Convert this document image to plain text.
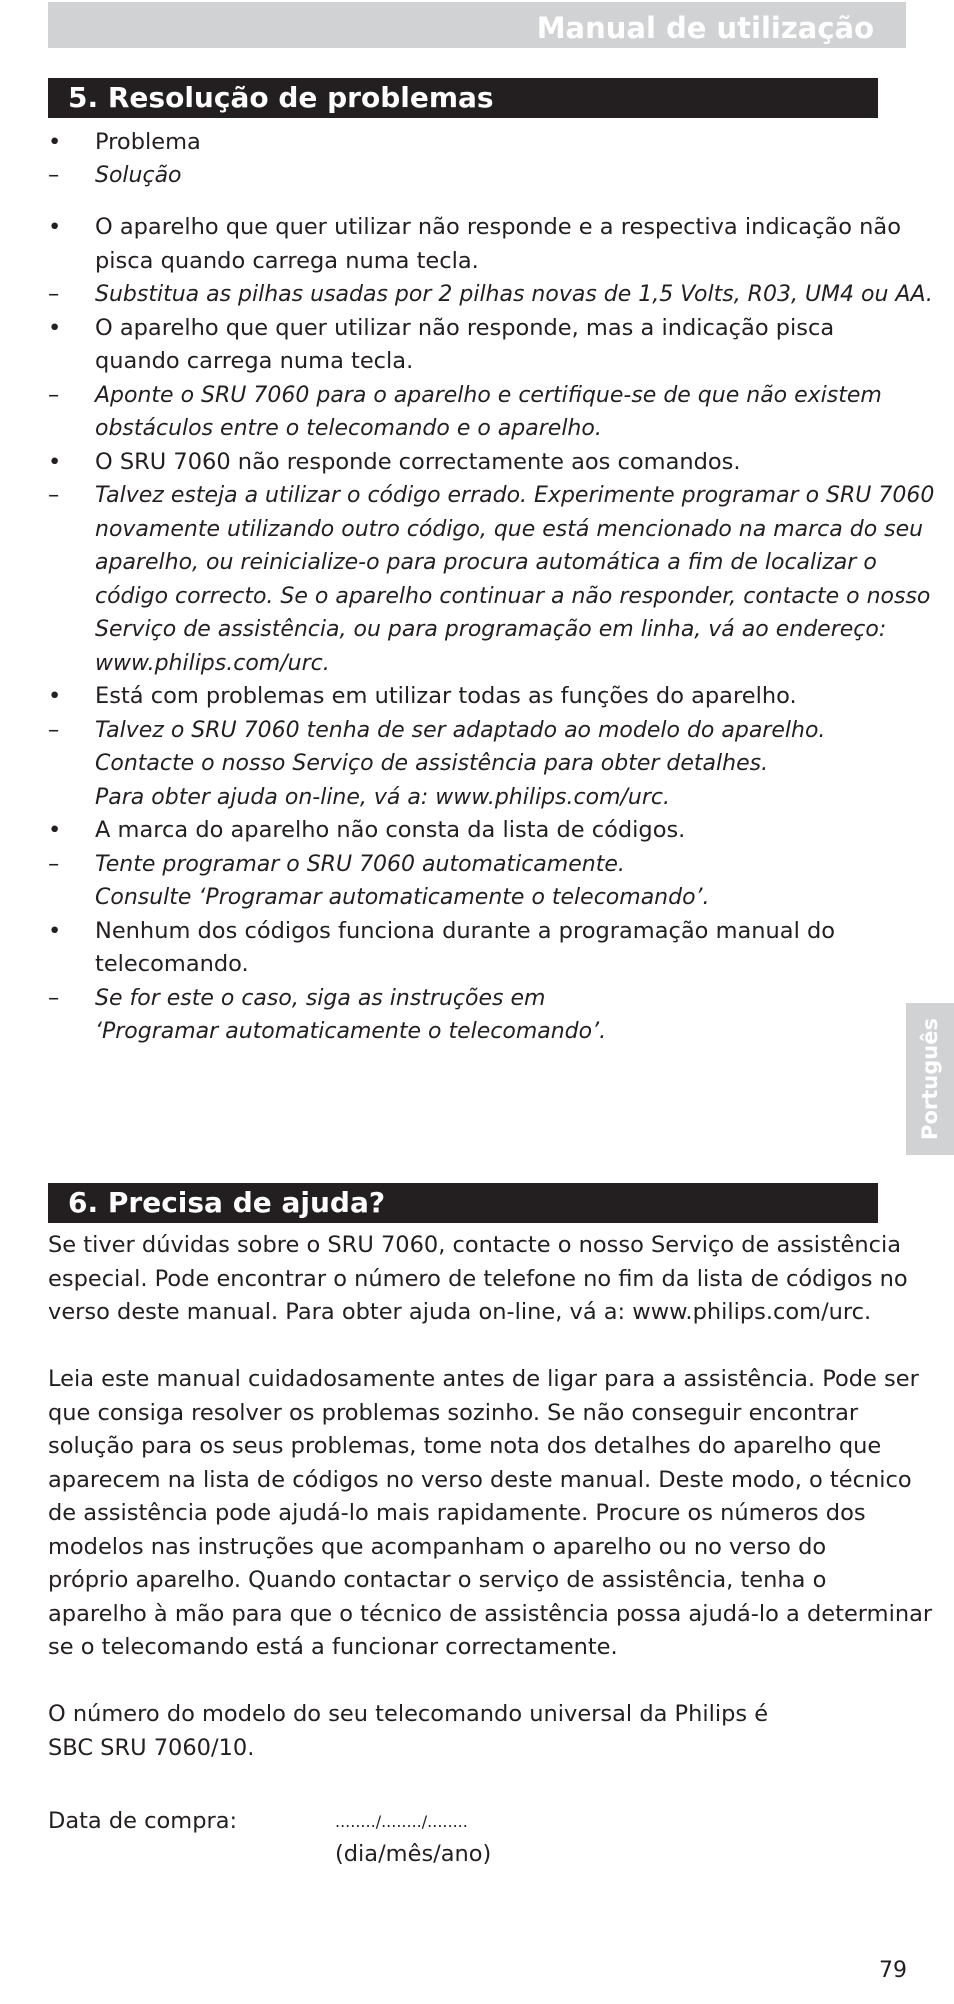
Manual de utilização
5. Resolução de problemas
• Problema
– Solução
• O aparelho que quer utilizar não responde e a respectiva indicação não
pisca quando carrega numa tecla.
– Substitua as pilhas usadas por 2 pilhas novas de 1,5 Volts, R03, UM4 ou AA.
• O aparelho que quer utilizar não responde, mas a indicação pisca
quando carrega numa tecla.
– Aponte o SRU 7060 para o aparelho e certifique-se de que não existem
obstáculos entre o telecomando e o aparelho.
• O SRU 7060 não responde correctamente aos comandos.
– Talvez esteja a utilizar o código errado. Experimente programar o SRU 7060
novamente utilizando outro código, que está mencionado na marca do seu
aparelho, ou reinicialize-o para procura automática a fim de localizar o
código correcto. Se o aparelho continuar a não responder, contacte o nosso
Serviço de assistência, ou para programação em linha, vá ao endereço:
www.philips.com/urc.
• Está com problemas em utilizar todas as funções do aparelho.
– Talvez o SRU 7060 tenha de ser adaptado ao modelo do aparelho.
Contacte o nosso Serviço de assistência para obter detalhes.
Para obter ajuda on-line, vá a: www.philips.com/urc.
• A marca do aparelho não consta da lista de códigos.
– Tente programar o SRU 7060 automaticamente.
Consulte ‘Programar automaticamente o telecomando’.
• Nenhum dos códigos funciona durante a programação manual do
telecomando.
– Se for este o caso, siga as instruções em
‘Programar automaticamente o telecomando’.	Português
6. Precisa de ajuda?
Se tiver dúvidas sobre o SRU 7060, contacte o nosso Serviço de assistência
especial. Pode encontrar o número de telefone no fim da lista de códigos no
verso deste manual. Para obter ajuda on-line, vá a: www.philips.com/urc.
Leia este manual cuidadosamente antes de ligar para a assistência. Pode ser
que consiga resolver os problemas sozinho. Se não conseguir encontrar
solução para os seus problemas, tome nota dos detalhes do aparelho que
aparecem na lista de códigos no verso deste manual. Deste modo, o técnico
de assistência pode ajudá-lo mais rapidamente. Procure os números dos
modelos nas instruções que acompanham o aparelho ou no verso do
próprio aparelho. Quando contactar o serviço de assistência, tenha o
aparelho à mão para que o técnico de assistência possa ajudá-lo a determinar
se o telecomando está a funcionar correctamente.
O número do modelo do seu telecomando universal da Philips é
SBC SRU 7060/10.
Data de compra:	......../......../........
(dia/mês/ano)
79
